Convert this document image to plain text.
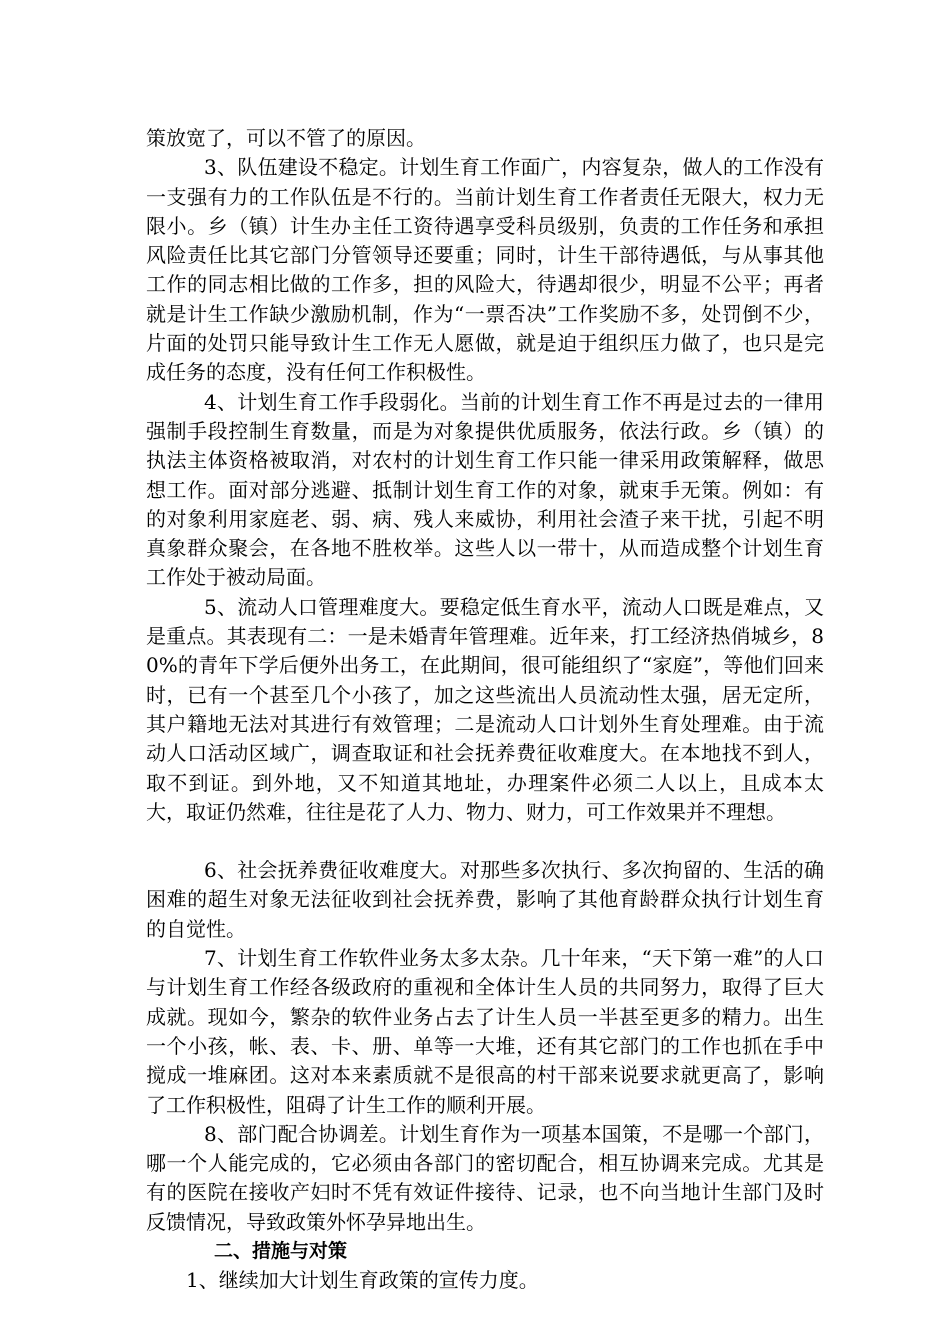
策放宽了，可以不管了的原因。

3、队伍建设不稳定。计划生育工作面广，内容复杂，做人的工作没有一支强有力的工作队伍是不行的。当前计划生育工作者责任无限大，权力无限小。乡（镇）计生办主任工资待遇享受科员级别，负责的工作任务和承担风险责任比其它部门分管领导还要重；同时，计生干部待遇低，与从事其他工作的同志相比做的工作多，担的风险大，待遇却很少，明显不公平；再者就是计生工作缺少激励机制，作为“一票否决”工作奖励不多，处罚倒不少，片面的处罚只能导致计生工作无人愿做，就是迫于组织压力做了，也只是完成任务的态度，没有任何工作积极性。

4、计划生育工作手段弱化。当前的计划生育工作不再是过去的一律用强制手段控制生育数量，而是为对象提供优质服务，依法行政。乡（镇）的执法主体资格被取消，对农村的计划生育工作只能一律采用政策解释，做思想工作。面对部分逃避、抵制计划生育工作的对象，就束手无策。例如：有的对象利用家庭老、弱、病、残人来威协，利用社会渣子来干扰，引起不明真象群众聚会，在各地不胜枚举。这些人以一带十，从而造成整个计划生育工作处于被动局面。

5、流动人口管理难度大。要稳定低生育水平，流动人口既是难点，又是重点。其表现有二：一是未婚青年管理难。近年来，打工经济热俏城乡，80%的青年下学后便外出务工，在此期间，很可能组织了“家庭”，等他们回来时，已有一个甚至几个小孩了，加之这些流出人员流动性太强，居无定所，其户籍地无法对其进行有效管理；二是流动人口计划外生育处理难。由于流动人口活动区域广，调查取证和社会抚养费征收难度大。在本地找不到人，取不到证。到外地，又不知道其地址，办理案件必须二人以上，且成本太大，取证仍然难，往往是花了人力、物力、财力，可工作效果并不理想。

6、社会抚养费征收难度大。对那些多次执行、多次拘留的、生活的确困难的超生对象无法征收到社会抚养费，影响了其他育龄群众执行计划生育的自觉性。

7、计划生育工作软件业务太多太杂。几十年来，“天下第一难”的人口与计划生育工作经各级政府的重视和全体计生人员的共同努力，取得了巨大成就。现如今，繁杂的软件业务占去了计生人员一半甚至更多的精力。出生一个小孩，帐、表、卡、册、单等一大堆，还有其它部门的工作也抓在手中搅成一堆麻团。这对本来素质就不是很高的村干部来说要求就更高了，影响了工作积极性，阻碍了计生工作的顺利开展。

8、部门配合协调差。计划生育作为一项基本国策，不是哪一个部门，哪一个人能完成的，它必须由各部门的密切配合，相互协调来完成。尤其是有的医院在接收产妇时不凭有效证件接待、记录，也不向当地计生部门及时反馈情况，导致政策外怀孕异地出生。

二、措施与对策

1、继续加大计划生育政策的宣传力度。
